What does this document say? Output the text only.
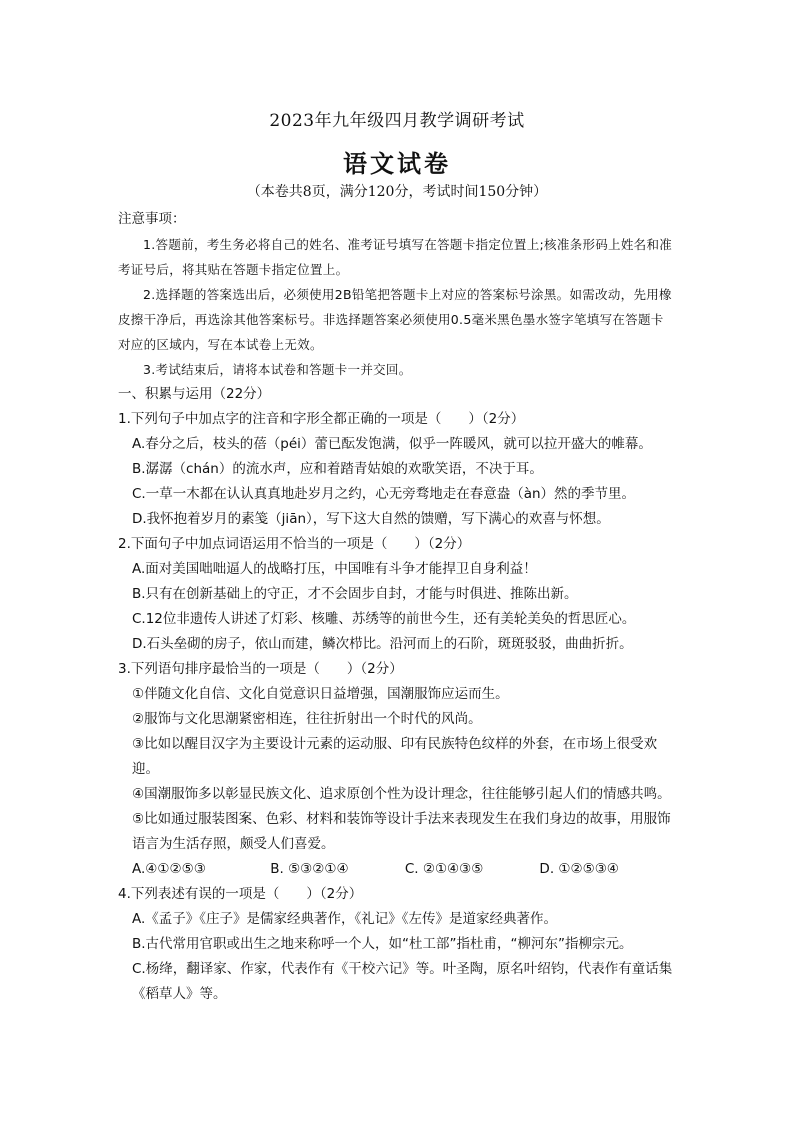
2023年九年级四月教学调研考试
语文试卷
（本卷共8页，满分120分，考试时间150分钟）
注意事项：
1.答题前，考生务必将自己的姓名、准考证号填写在答题卡指定位置上;核准条形码上姓名和准考证号后，将其贴在答题卡指定位置上。
2.选择题的答案选出后，必须使用2B铅笔把答题卡上对应的答案标号涂黑。如需改动，先用橡皮擦干净后，再选涂其他答案标号。非选择题答案必须使用0.5毫米黑色墨水签字笔填写在答题卡对应的区域内，写在本试卷上无效。
3.考试结束后，请将本试卷和答题卡一并交回。
一、积累与运用（22分）
1.下列句子中加点字的注音和字形全都正确的一项是（　　）（2分）
A.春分之后，枝头的蓓（péi）蕾已酝发饱满，似乎一阵暖风，就可以拉开盛大的帷幕。
B.潺潺（chán）的流水声，应和着踏青姑娘的欢歌笑语，不决于耳。
C.一草一木都在认认真真地赴岁月之约，心无旁骛地走在春意盎（àn）然的季节里。
D.我怀抱着岁月的素笺（jiān），写下这大自然的馈赠，写下满心的欢喜与怀想。
2.下面句子中加点词语运用不恰当的一项是（　　）（2分）
A.面对美国咄咄逼人的战略打压，中国唯有斗争才能捍卫自身利益！
B.只有在创新基础上的守正，才不会固步自封，才能与时俱进、推陈出新。
C.12位非遗传人讲述了灯彩、核雕、苏绣等的前世今生，还有美轮美奂的哲思匠心。
D.石头垒砌的房子，依山而建，鳞次栉比。沿河而上的石阶，斑斑驳驳，曲曲折折。
3.下列语句排序最恰当的一项是（　　）（2分）
①伴随文化自信、文化自觉意识日益增强，国潮服饰应运而生。
②服饰与文化思潮紧密相连，往往折射出一个时代的风尚。
③比如以醒目汉字为主要设计元素的运动服、印有民族特色纹样的外套，在市场上很受欢迎。
④国潮服饰多以彰显民族文化、追求原创个性为设计理念，往往能够引起人们的情感共鸣。
⑤比如通过服装图案、色彩、材料和装饰等设计手法来表现发生在我们身边的故事，用服饰语言为生活存照，颇受人们喜爱。
A.④①②⑤③	B. ⑤③②①④	C. ②①④③⑤	D. ①②⑤③④
4.下列表述有误的一项是（　　）（2分）
A.《孟子》《庄子》是儒家经典著作，《礼记》《左传》是道家经典著作。
B.古代常用官职或出生之地来称呼一个人，如“杜工部”指杜甫，“柳河东”指柳宗元。
C.杨绛，翻译家、作家，代表作有《干校六记》等。叶圣陶，原名叶绍钧，代表作有童话集《稻草人》等。
